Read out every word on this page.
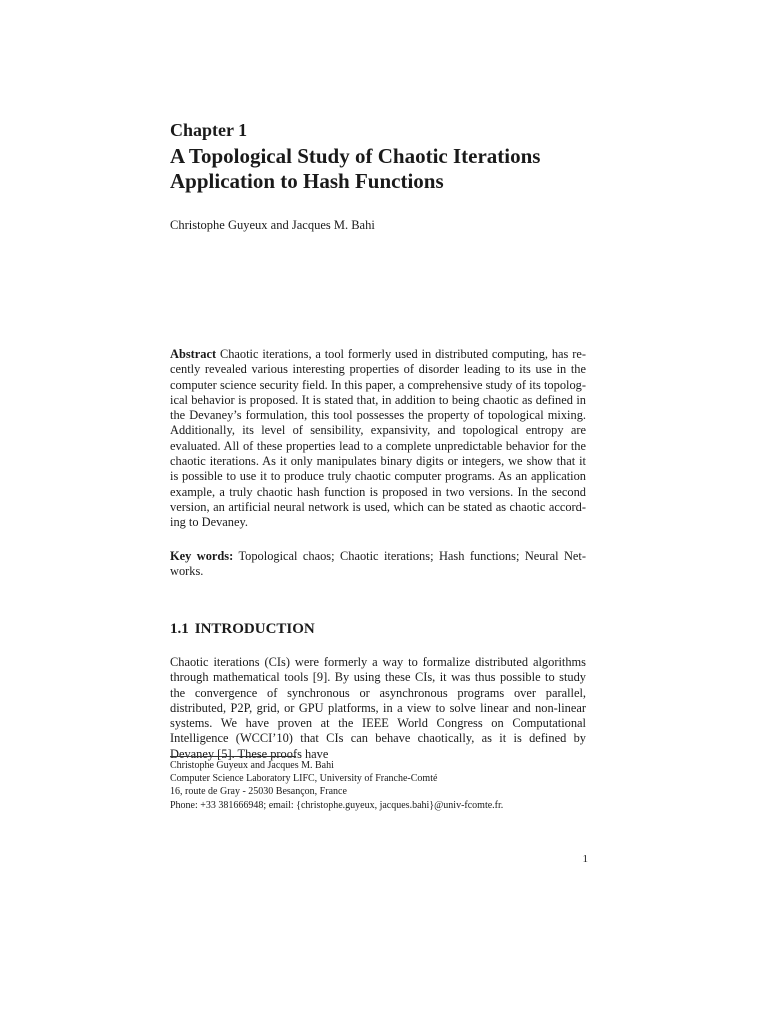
Chapter 1
A Topological Study of Chaotic Iterations
Application to Hash Functions
Christophe Guyeux and Jacques M. Bahi
Abstract Chaotic iterations, a tool formerly used in distributed computing, has recently revealed various interesting properties of disorder leading to its use in the computer science security field. In this paper, a comprehensive study of its topological behavior is proposed. It is stated that, in addition to being chaotic as defined in the Devaney’s formulation, this tool possesses the property of topological mixing. Additionally, its level of sensibility, expansivity, and topological entropy are evaluated. All of these properties lead to a complete unpredictable behavior for the chaotic iterations. As it only manipulates binary digits or integers, we show that it is possible to use it to produce truly chaotic computer programs. As an application example, a truly chaotic hash function is proposed in two versions. In the second version, an artificial neural network is used, which can be stated as chaotic according to Devaney.
Key words: Topological chaos; Chaotic iterations; Hash functions; Neural Networks.
1.1 INTRODUCTION
Chaotic iterations (CIs) were formerly a way to formalize distributed algorithms through mathematical tools [9]. By using these CIs, it was thus possible to study the convergence of synchronous or asynchronous programs over parallel, distributed, P2P, grid, or GPU platforms, in a view to solve linear and non-linear systems. We have proven at the IEEE World Congress on Computational Intelligence (WCCI’10) that CIs can behave chaotically, as it is defined by Devaney [5]. These proofs have
Christophe Guyeux and Jacques M. Bahi
Computer Science Laboratory LIFC, University of Franche-Comté
16, route de Gray - 25030 Besançon, France
Phone: +33 381666948; email: {christophe.guyeux, jacques.bahi}@univ-fcomte.fr.
1
